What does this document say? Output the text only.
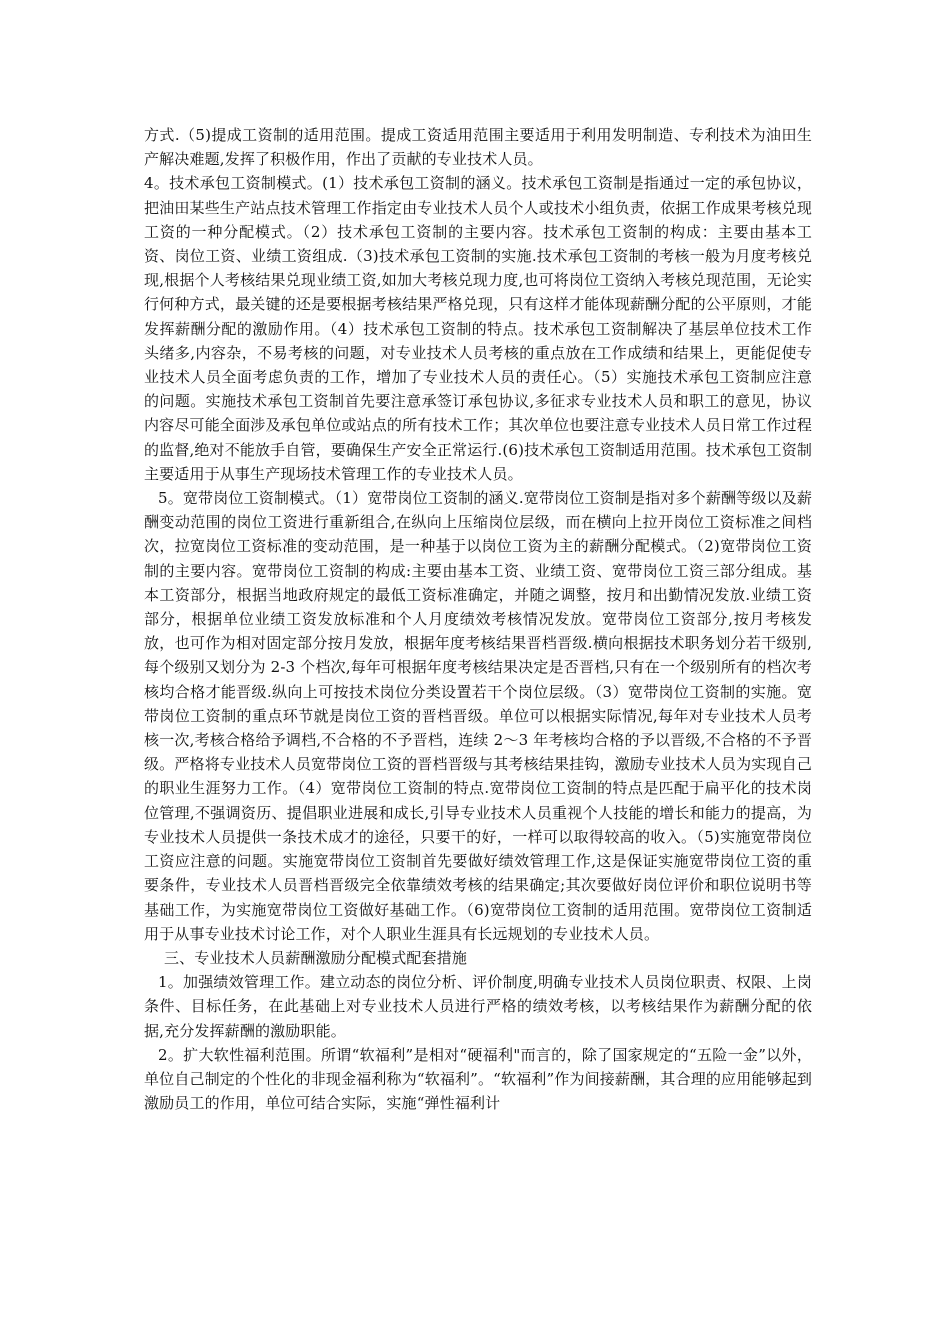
方式.（5)提成工资制的适用范围。提成工资适用范围主要适用于利用发明制造、专利技术为油田生产解决难题,发挥了积极作用，作出了贡献的专业技术人员。

4。技术承包工资制模式。(1）技术承包工资制的涵义。技术承包工资制是指通过一定的承包协议，把油田某些生产站点技术管理工作指定由专业技术人员个人或技术小组负责，依据工作成果考核兑现工资的一种分配模式。（2）技术承包工资制的主要内容。技术承包工资制的构成：主要由基本工资、岗位工资、业绩工资组成.（3)技术承包工资制的实施.技术承包工资制的考核一般为月度考核兑现,根据个人考核结果兑现业绩工资,如加大考核兑现力度,也可将岗位工资纳入考核兑现范围，无论实行何种方式，最关键的还是要根据考核结果严格兑现，只有这样才能体现薪酬分配的公平原则，才能发挥薪酬分配的激励作用。（4）技术承包工资制的特点。技术承包工资制解决了基层单位技术工作头绪多,内容杂，不易考核的问题，对专业技术人员考核的重点放在工作成绩和结果上，更能促使专业技术人员全面考虑负责的工作，增加了专业技术人员的责任心。（5）实施技术承包工资制应注意的问题。实施技术承包工资制首先要注意承签订承包协议,多征求专业技术人员和职工的意见，协议内容尽可能全面涉及承包单位或站点的所有技术工作；其次单位也要注意专业技术人员日常工作过程的监督,绝对不能放手自管，要确保生产安全正常运行.(6)技术承包工资制适用范围。技术承包工资制主要适用于从事生产现场技术管理工作的专业技术人员。

5。宽带岗位工资制模式。（1）宽带岗位工资制的涵义.宽带岗位工资制是指对多个薪酬等级以及薪酬变动范围的岗位工资进行重新组合,在纵向上压缩岗位层级，而在横向上拉开岗位工资标准之间档次，拉宽岗位工资标准的变动范围，是一种基于以岗位工资为主的薪酬分配模式。（2)宽带岗位工资制的主要内容。宽带岗位工资制的构成:主要由基本工资、业绩工资、宽带岗位工资三部分组成。基本工资部分，根据当地政府规定的最低工资标准确定，并随之调整，按月和出勤情况发放.业绩工资部分，根据单位业绩工资发放标准和个人月度绩效考核情况发放。宽带岗位工资部分,按月考核发放，也可作为相对固定部分按月发放，根据年度考核结果晋档晋级.横向根据技术职务划分若干级别,每个级别又划分为 2-3 个档次,每年可根据年度考核结果决定是否晋档,只有在一个级别所有的档次考核均合格才能晋级.纵向上可按技术岗位分类设置若干个岗位层级。（3）宽带岗位工资制的实施。宽带岗位工资制的重点环节就是岗位工资的晋档晋级。单位可以根据实际情况,每年对专业技术人员考核一次,考核合格给予调档,不合格的不予晋档，连续 2～3 年考核均合格的予以晋级,不合格的不予晋级。严格将专业技术人员宽带岗位工资的晋档晋级与其考核结果挂钩，激励专业技术人员为实现自己的职业生涯努力工作。（4）宽带岗位工资制的特点.宽带岗位工资制的特点是匹配于扁平化的技术岗位管理,不强调资历、提倡职业进展和成长,引导专业技术人员重视个人技能的增长和能力的提高，为专业技术人员提供一条技术成才的途径，只要干的好，一样可以取得较高的收入。（5)实施宽带岗位工资应注意的问题。实施宽带岗位工资制首先要做好绩效管理工作,这是保证实施宽带岗位工资的重要条件，专业技术人员晋档晋级完全依靠绩效考核的结果确定;其次要做好岗位评价和职位说明书等基础工作，为实施宽带岗位工资做好基础工作。（6)宽带岗位工资制的适用范围。宽带岗位工资制适用于从事专业技术讨论工作，对个人职业生涯具有长远规划的专业技术人员。

三、专业技术人员薪酬激励分配模式配套措施

1。加强绩效管理工作。建立动态的岗位分析、评价制度,明确专业技术人员岗位职责、权限、上岗条件、目标任务，在此基础上对专业技术人员进行严格的绩效考核，以考核结果作为薪酬分配的依据,充分发挥薪酬的激励职能。

2。扩大软性福利范围。所谓“软福利”是相对“硬福利"而言的，除了国家规定的“五险一金”以外，单位自己制定的个性化的非现金福利称为“软福利”。“软福利”作为间接薪酬，其合理的应用能够起到激励员工的作用，单位可结合实际，实施“弹性福利计
